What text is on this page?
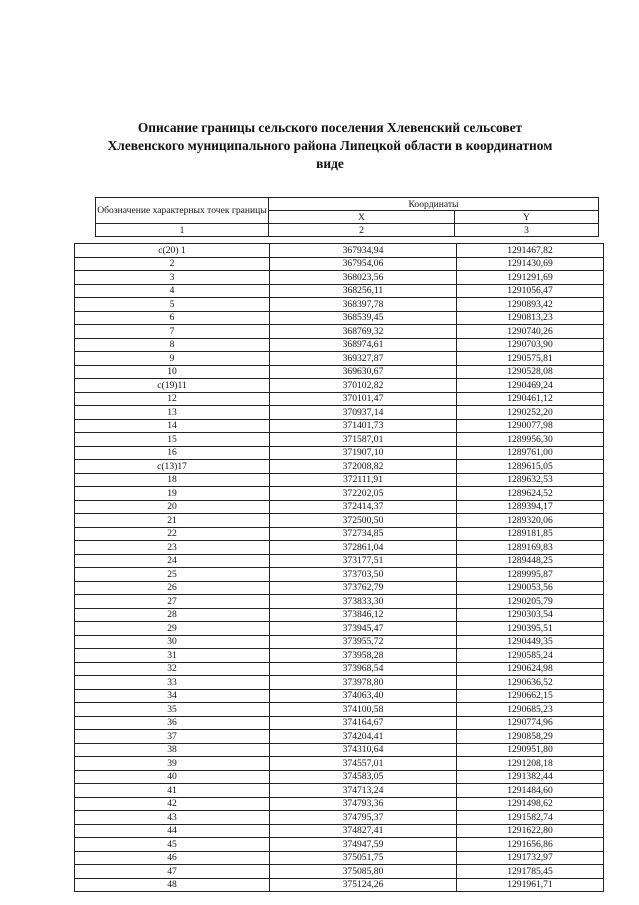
Описание границы сельского поселения Хлевенский сельсовет
Хлевенского муниципального района Липецкой области в координатном
виде
Обозначение характерных точек границы	Координаты	
	X	Y
1	2	3
с(20) 1	367934,94	1291467,82
2	367954,06	1291430,69
3	368023,56	1291291,69
4	368256,11	1291056,47
5	368397,78	1290893,42
6	368539,45	1290813,23
7	368769,32	1290740,26
8	368974,61	1290703,90
9	369327,87	1290575,81
10	369630,67	1290528,08
с(19)11	370102,82	1290469,24
12	370101,47	1290461,12
13	370937,14	1290252,20
14	371401,73	1290077,98
15	371587,01	1289956,30
16	371907,10	1289761,00
с(13)17	372008,82	1289615,05
18	372111,91	1289632,53
19	372202,05	1289624,52
20	372414,37	1289394,17
21	372500,50	1289320,06
22	372734,85	1289181,85
23	372861,04	1289169,83
24	373177,51	1289448,25
25	373703,50	1289995,87
26	373762,79	1290053,56
27	373833,30	1290205,79
28	373846,12	1290303,54
29	373945,47	1290395,51
30	373955,72	1290449,35
31	373958,28	1290585,24
32	373968,54	1290624,98
33	373978,80	1290636,52
34	374063,40	1290662,15
35	374100,58	1290685,23
36	374164,67	1290774,96
37	374204,41	1290858,29
38	374310,64	1290951,80
39	374557,01	1291208,18
40	374583,05	1291382,44
41	374713,24	1291484,60
42	374793,36	1291498,62
43	374795,37	1291582,74
44	374827,41	1291622,80
45	374947,59	1291656,86
46	375051,75	1291732,97
47	375085,80	1291785,45
48	375124,26	1291961,71
